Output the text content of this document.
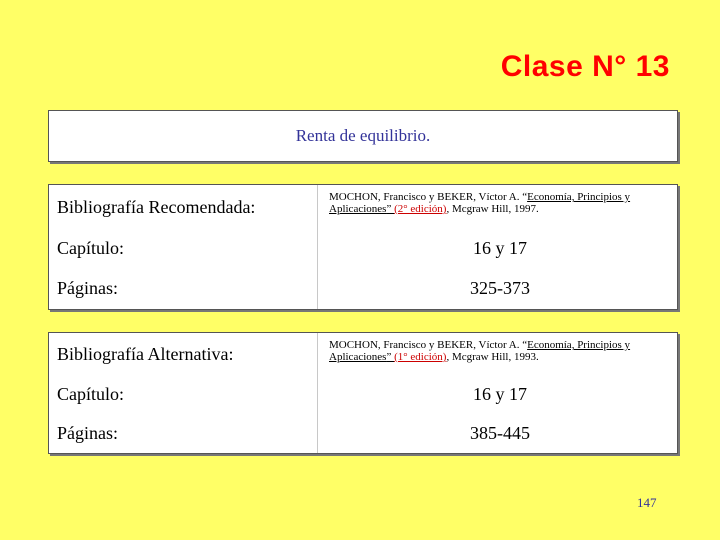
Clase N° 13
Renta de equilibrio.
Bibliografía Recomendada:	MOCHON, Francisco y BEKER, Víctor A. “Economía, Principios y Aplicaciones” (2° edición), Mcgraw Hill, 1997.
Capítulo:	16 y 17
Páginas:	325-373
Bibliografía Alternativa:	MOCHON, Francisco y BEKER, Víctor A. “Economía, Principios y Aplicaciones” (1° edición), Mcgraw Hill, 1993.
Capítulo:	16 y 17
Páginas:	385-445
147
